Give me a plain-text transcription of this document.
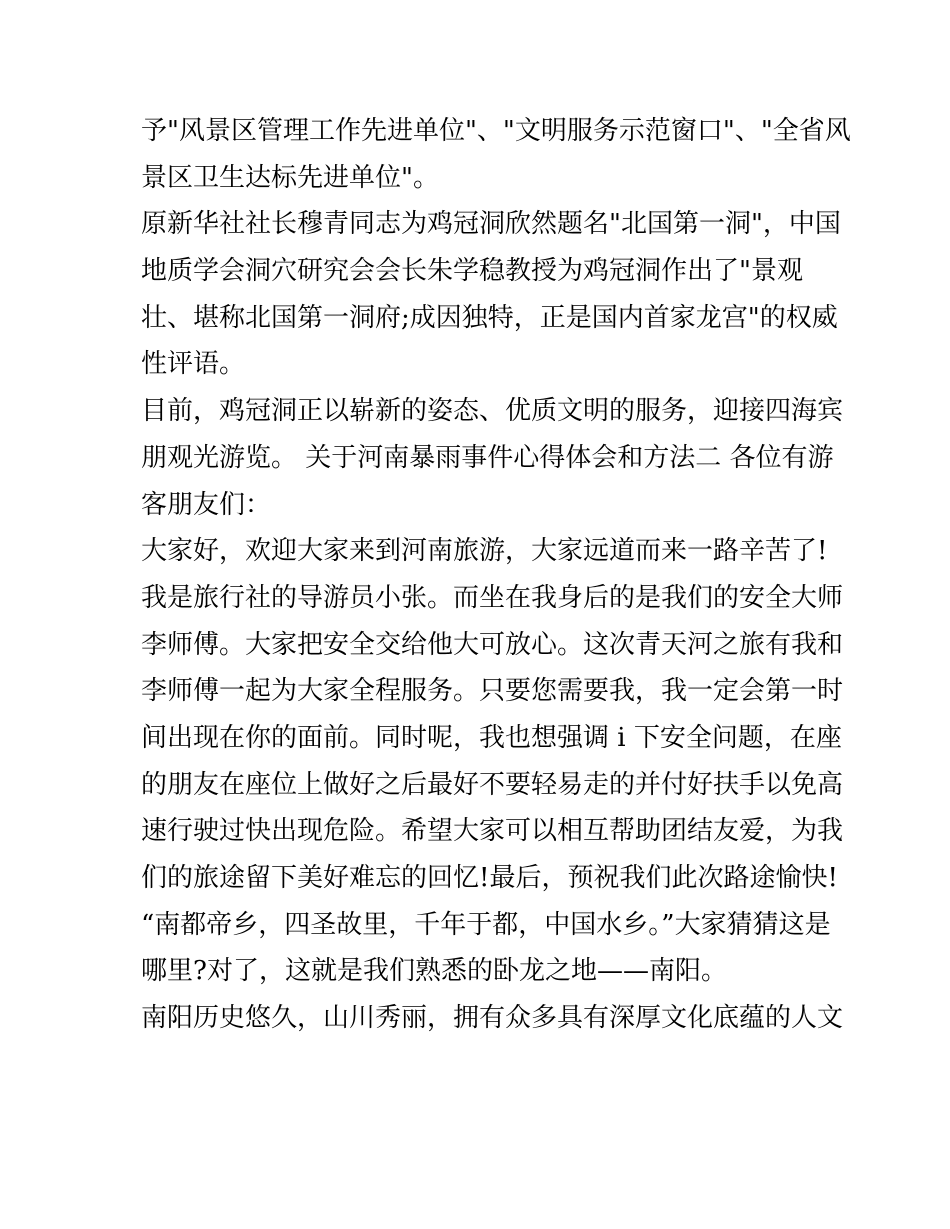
予"风景区管理工作先进单位"、"文明服务示范窗口"、"全省风
景区卫生达标先进单位"。
原新华社社长穆青同志为鸡冠洞欣然题名"北国第一洞"，中国
地质学会洞穴研究会会长朱学稳教授为鸡冠洞作出了"景观
壮、堪称北国第一洞府;成因独特，正是国内首家龙宫"的权威
性评语。
目前，鸡冠洞正以崭新的姿态、优质文明的服务，迎接四海宾
朋观光游览。 关于河南暴雨事件心得体会和方法二 各位有游
客朋友们：
大家好，欢迎大家来到河南旅游，大家远道而来一路辛苦了!
我是旅行社的导游员小张。而坐在我身后的是我们的安全大师
李师傅。大家把安全交给他大可放心。这次青天河之旅有我和
李师傅一起为大家全程服务。只要您需要我，我一定会第一时
间出现在你的面前。同时呢，我也想强调 i 下安全问题，在座
的朋友在座位上做好之后最好不要轻易走的并付好扶手以免高
速行驶过快出现危险。希望大家可以相互帮助团结友爱，为我
们的旅途留下美好难忘的回忆!最后，预祝我们此次路途愉快!
“南都帝乡，四圣故里，千年于都，中国水乡。”大家猜猜这是
哪里?对了，这就是我们熟悉的卧龙之地——南阳。
南阳历史悠久，山川秀丽，拥有众多具有深厚文化底蕴的人文
